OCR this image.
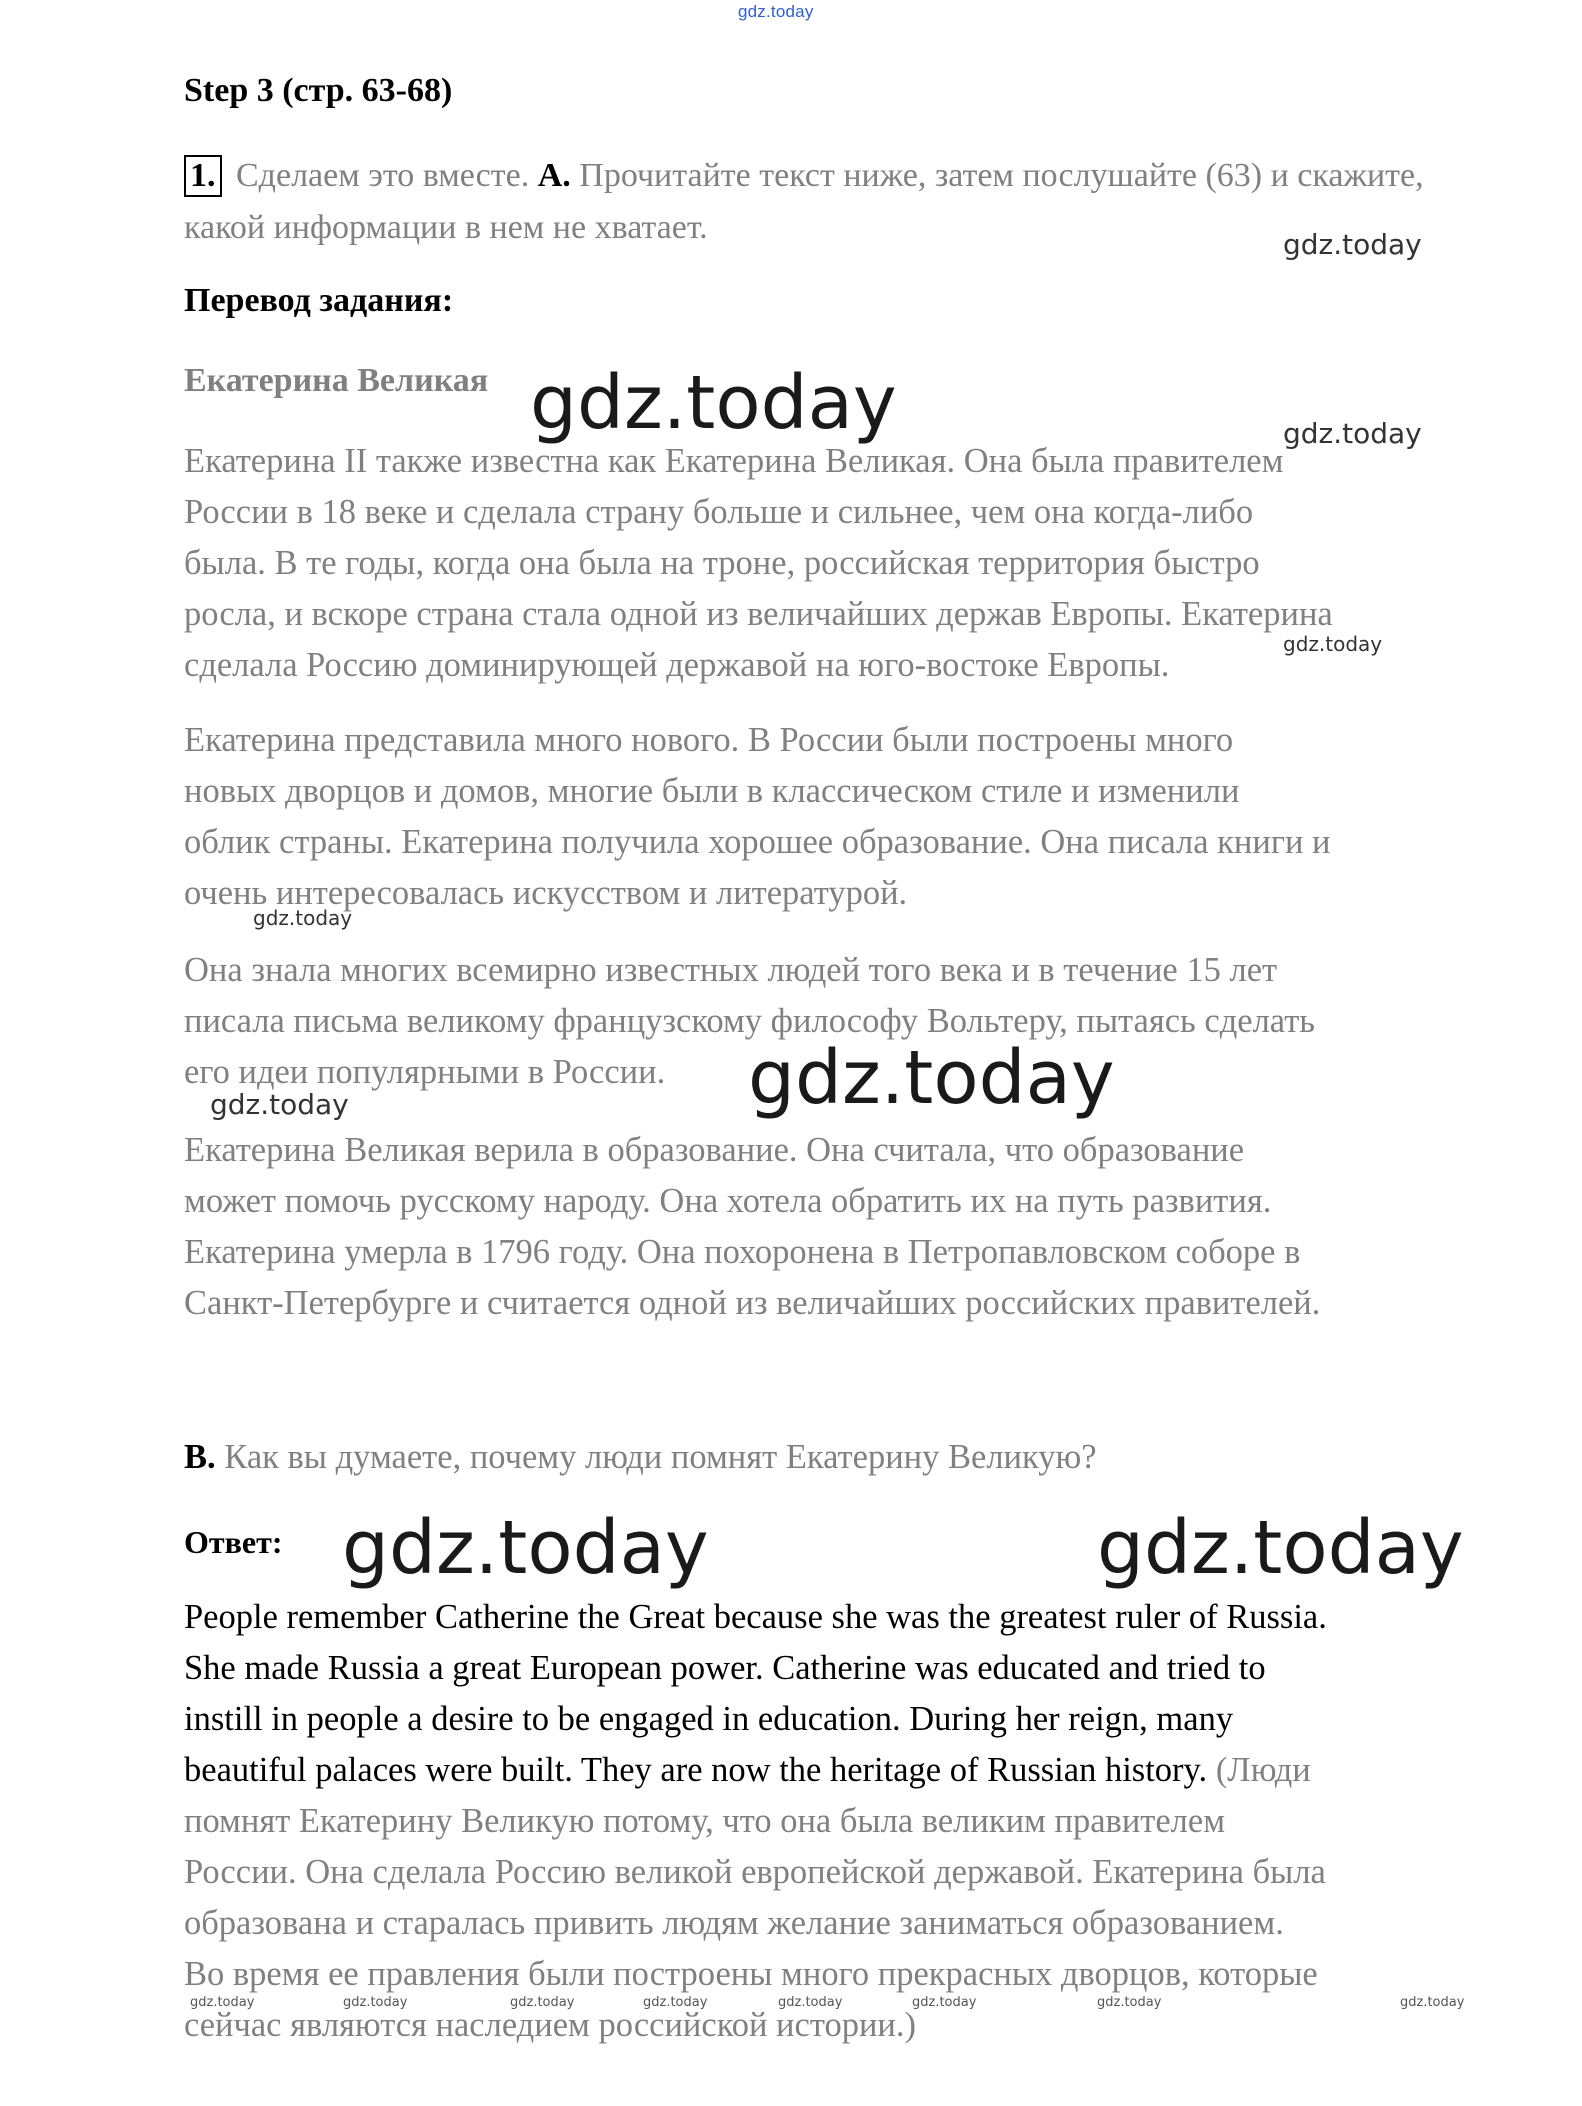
gdz.today
Step 3 (стр. 63-68)
1. Сделаем это вместе. A. Прочитайте текст ниже, затем послушайте (63) и скажите, какой информации в нем не хватает.
Перевод задания:
Екатерина Великая
Екатерина II также известна как Екатерина Великая. Она была правителем
России в 18 веке и сделала страну больше и сильнее, чем она когда-либо
была. В те годы, когда она была на троне, российская территория быстро
росла, и вскоре страна стала одной из величайших держав Европы. Екатерина
сделала Россию доминирующей державой на юго-востоке Европы.
Екатерина представила много нового. В России были построены много
новых дворцов и домов, многие были в классическом стиле и изменили
облик страны. Екатерина получила хорошее образование. Она писала книги и
очень интересовалась искусством и литературой.
Она знала многих всемирно известных людей того века и в течение 15 лет
писала письма великому французскому философу Вольтеру, пытаясь сделать
его идеи популярными в России.
Екатерина Великая верила в образование. Она считала, что образование
может помочь русскому народу. Она хотела обратить их на путь развития.
Екатерина умерла в 1796 году. Она похоронена в Петропавловском соборе в
Санкт-Петербурге и считается одной из величайших российских правителей.
B. Как вы думаете, почему люди помнят Екатерину Великую?
Ответ:
People remember Catherine the Great because she was the greatest ruler of Russia.
She made Russia a great European power. Catherine was educated and tried to
instill in people a desire to be engaged in education. During her reign, many
beautiful palaces were built. They are now the heritage of Russian history. (Люди
помнят Екатерину Великую потому, что она была великим правителем
России. Она сделала Россию великой европейской державой. Екатерина была
образована и старалась привить людям желание заниматься образованием.
Во время ее правления были построены много прекрасных дворцов, которые
сейчас являются наследием российской истории.)
gdz.today
gdz.today	gdz.today
gdz.today
gdz.today
gdz.today
gdz.today
gdz.today	gdz.today
gdz.today	gdz.today	gdz.today	gdz.today	gdz.today	gdz.today	gdz.today	gdz.today
